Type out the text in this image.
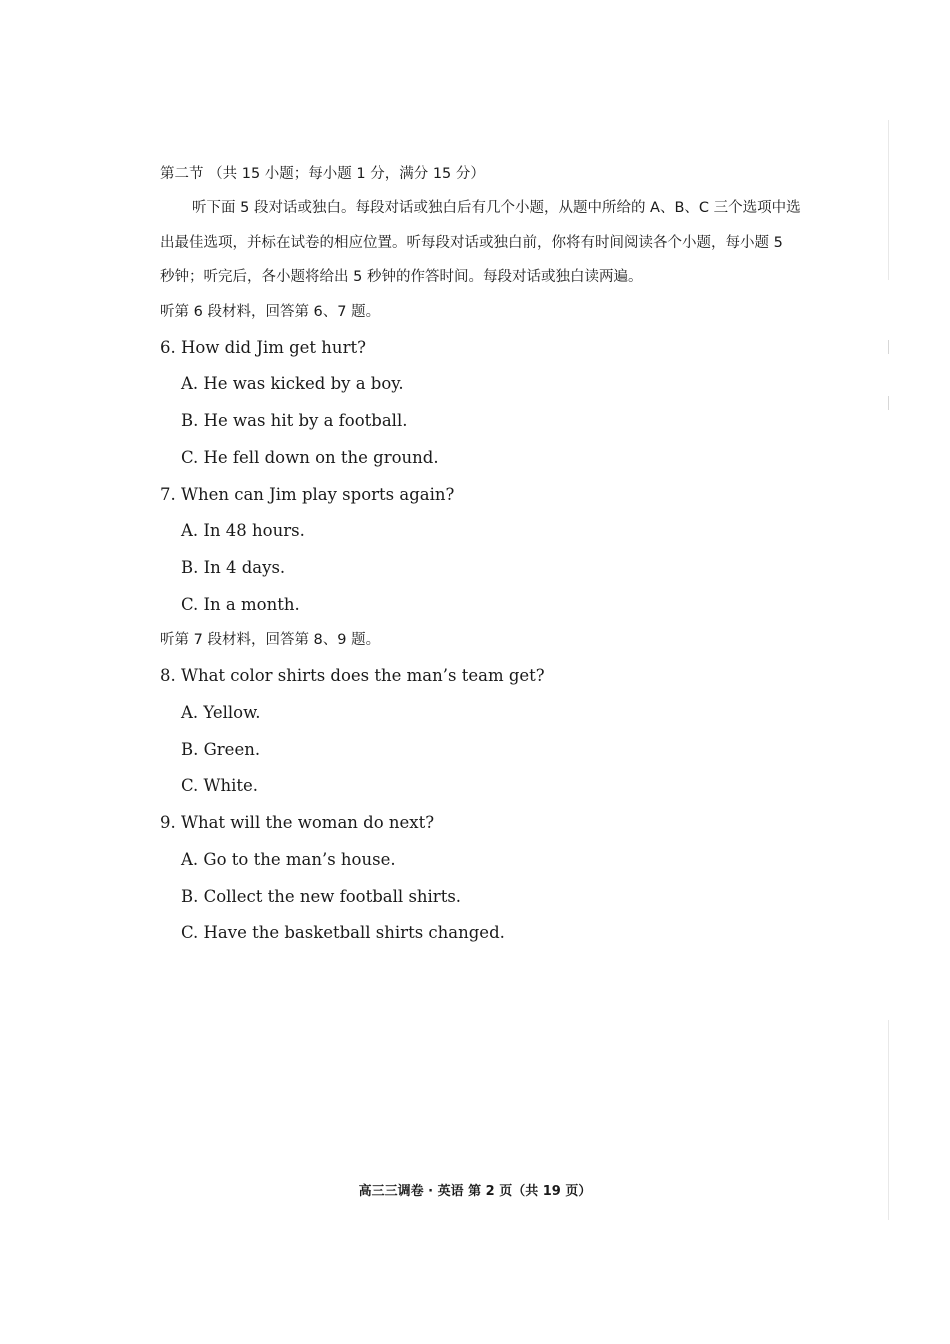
第二节 （共 15 小题；每小题 1 分，满分 15 分）
听下面 5 段对话或独白。每段对话或独白后有几个小题，从题中所给的 A、B、C 三个选项中选
出最佳选项，并标在试卷的相应位置。听每段对话或独白前，你将有时间阅读各个小题，每小题 5
秒钟；听完后，各小题将给出 5 秒钟的作答时间。每段对话或独白读两遍。
听第 6 段材料，回答第 6、7 题。
6. How did Jim get hurt?
A. He was kicked by a boy.
B. He was hit by a football.
C. He fell down on the ground.
7. When can Jim play sports again?
A. In 48 hours.
B. In 4 days.
C. In a month.
听第 7 段材料，回答第 8、9 题。
8. What color shirts does the man’s team get?
A. Yellow.
B. Green.
C. White.
9. What will the woman do next?
A. Go to the man’s house.
B. Collect the new football shirts.
C. Have the basketball shirts changed.
高三三调卷 · 英语 第 2 页（共 19 页）
